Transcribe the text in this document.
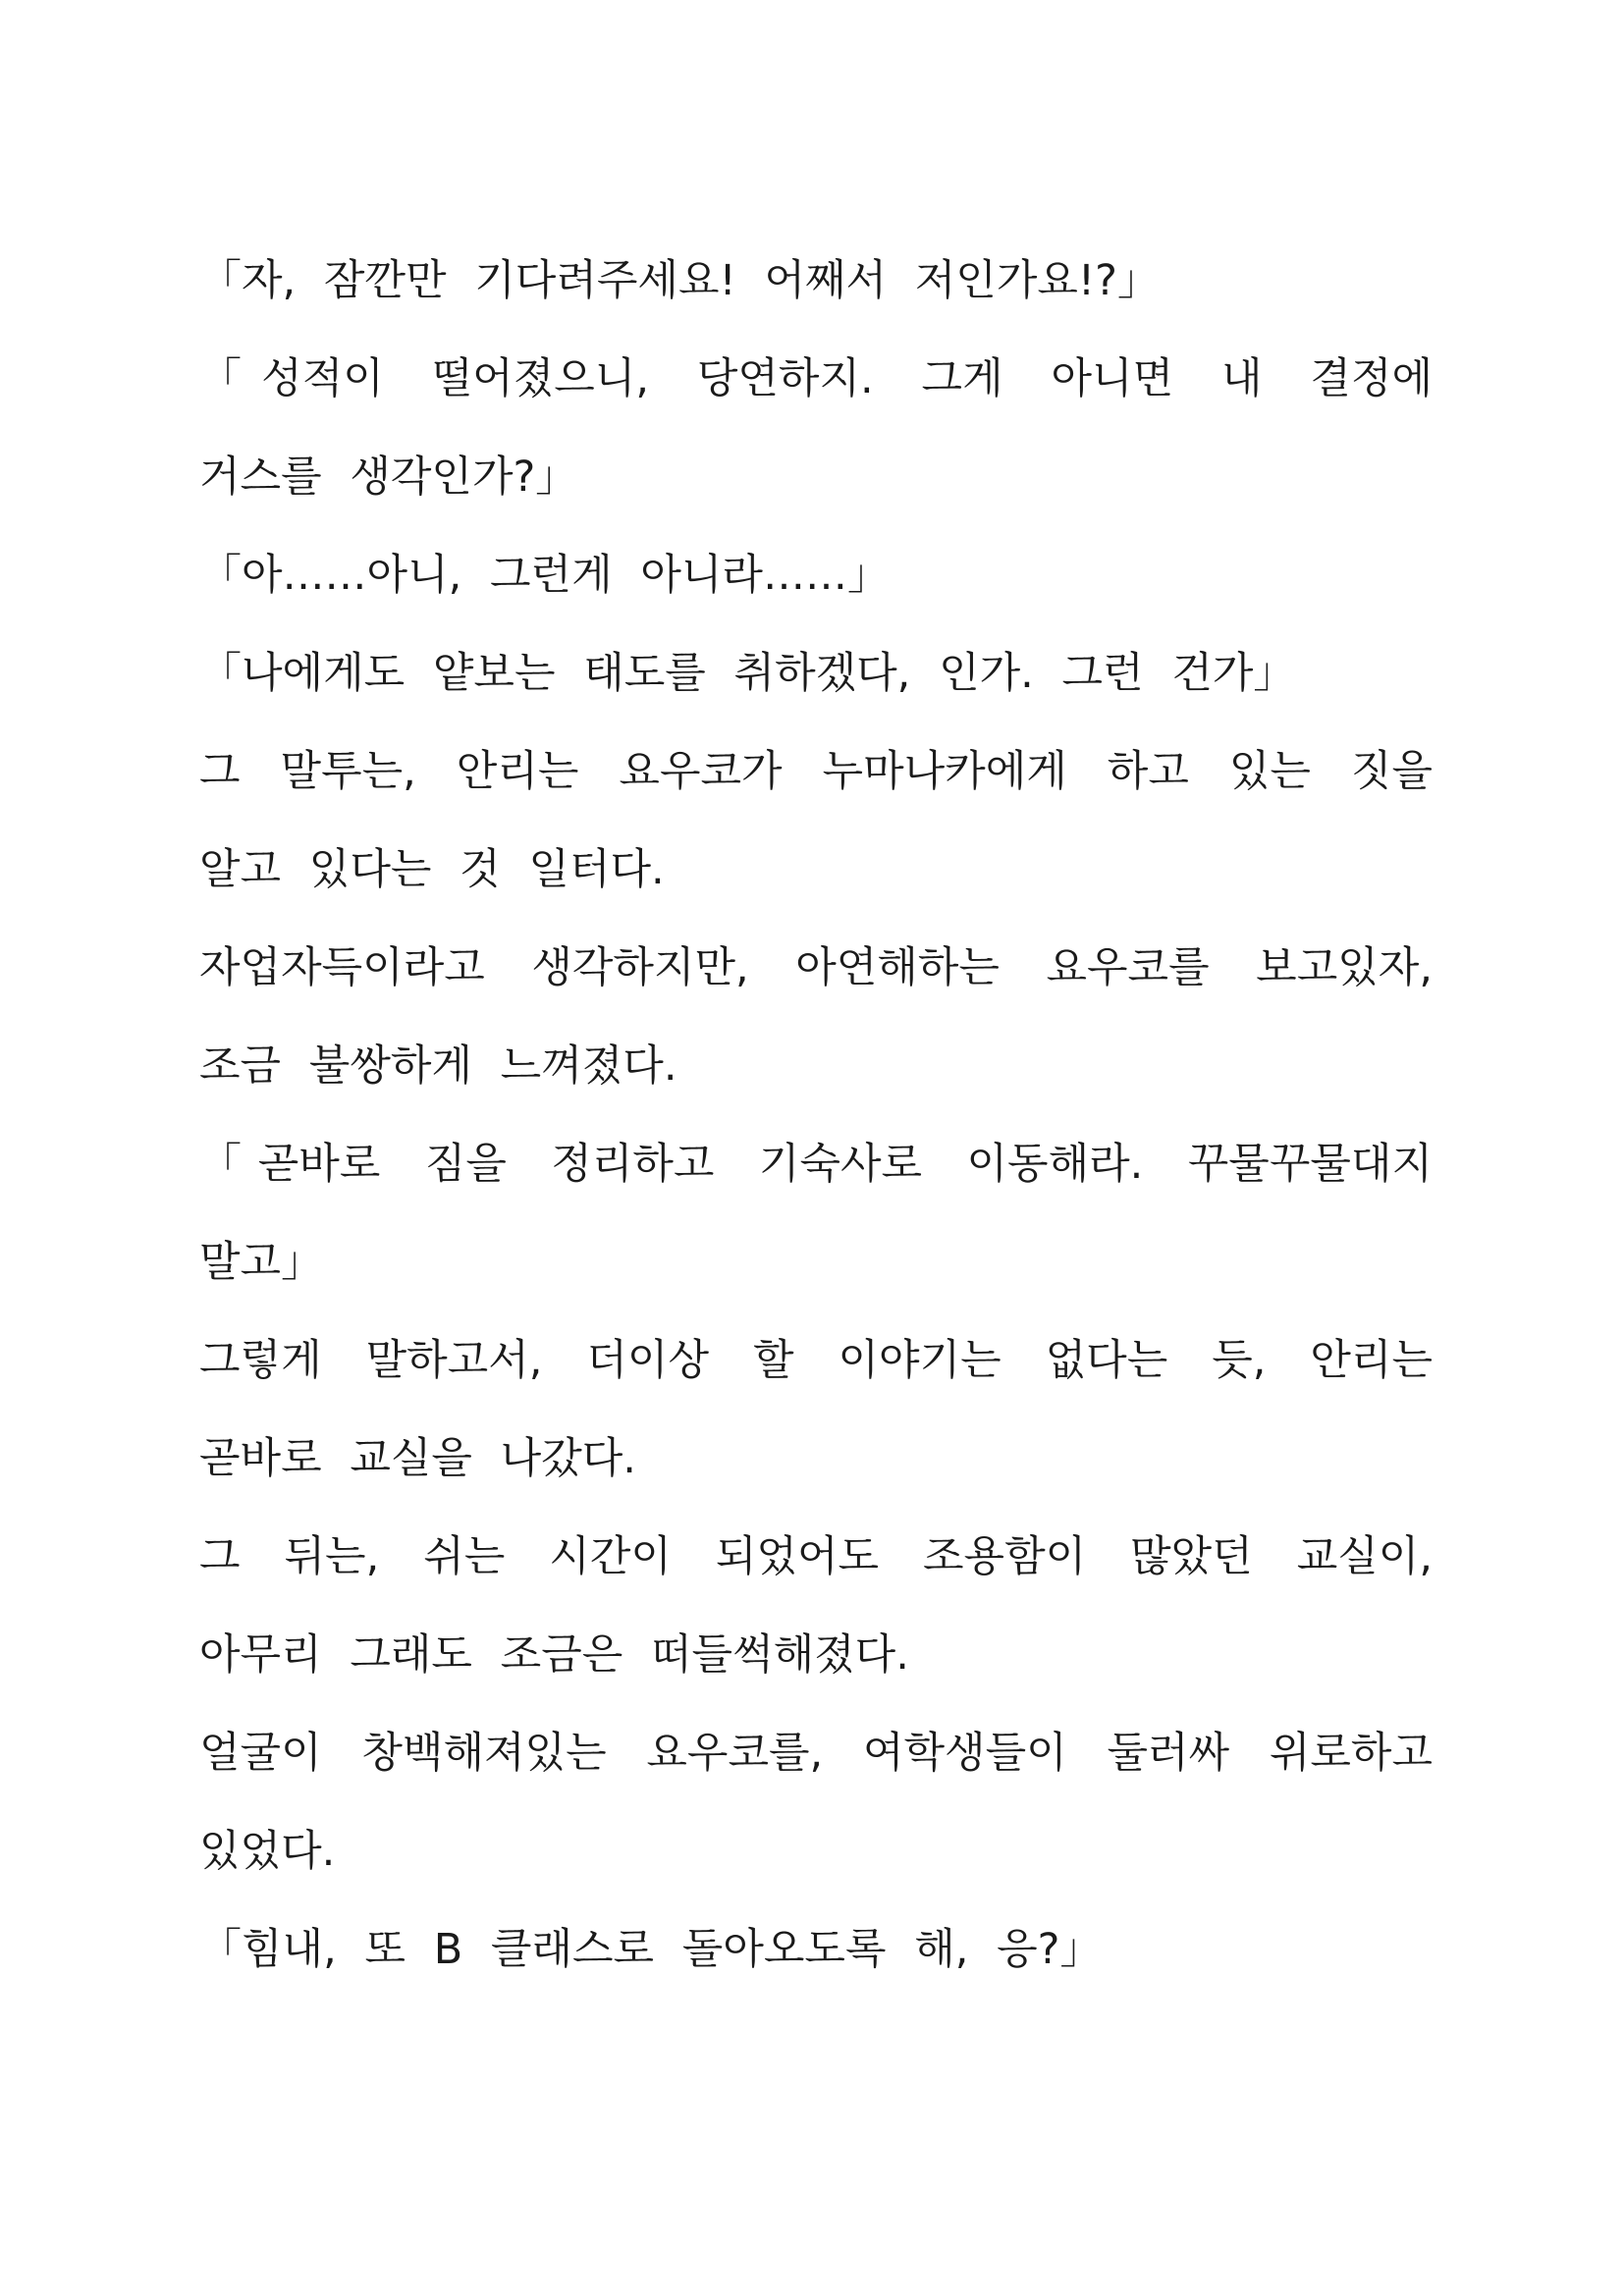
「자, 잠깐만 기다려주세요! 어째서 저인가요!?」

「성적이 떨어졌으니, 당연하지. 그게 아니면 내 결정에 거스를 생각인가?」

「아……아니, 그런게 아니라……」

「나에게도 얕보는 태도를 취하겠다, 인가. 그런 건가」

그 말투는, 안리는 요우코가 누마나카에게 하고 있는 짓을 알고 있다는 것 일터다.

자업자득이라고 생각하지만, 아연해하는 요우코를 보고있자, 조금 불쌍하게 느껴졌다.

「곧바로 짐을 정리하고 기숙사로 이동해라. 꾸물꾸물대지 말고」

그렇게 말하고서, 더이상 할 이야기는 없다는 듯, 안리는 곧바로 교실을 나갔다.

그 뒤는, 쉬는 시간이 되었어도 조용함이 많았던 교실이, 아무리 그래도 조금은 떠들썩해졌다.

얼굴이 창백해져있는 요우코를, 여학생들이 둘러싸 위로하고 있었다.

「힘내, 또 B 클래스로 돌아오도록 해, 응?」
